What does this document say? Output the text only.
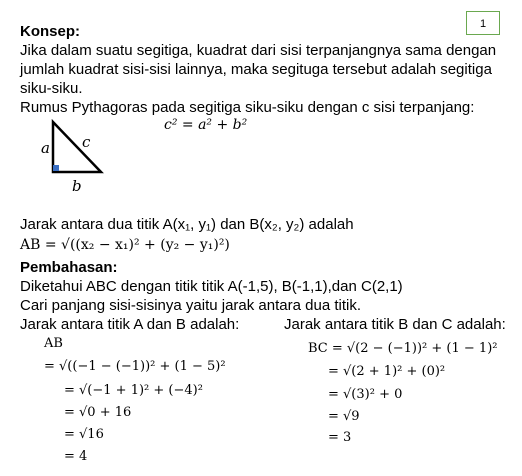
1
Konsep:
Jika dalam suatu segitiga, kuadrat dari sisi terpanjangnya sama dengan
jumlah kuadrat sisi-sisi lainnya, maka segituga tersebut adalah segitiga
siku-siku.
Rumus Pythagoras pada segitiga siku-siku dengan c sisi terpanjang:
c² = a² + b²
a c
b
Jarak antara dua titik A(x₁, y₁) dan B(x₂, y₂) adalah
AB = √((x₂ − x₁)² + (y₂ − y₁)²)
Pembahasan:
Diketahui ABC dengan titik titik A(-1,5), B(-1,1),dan C(2,1)
Cari panjang sisi-sisinya yaitu jarak antara dua titik.
Jarak antara titik A dan B adalah:
AB
= √((−1 − (−1))² + (1 − 5)²
= √(−1 + 1)² + (−4)²
= √0 + 16
= √16
= 4
Jarak antara titik B dan C adalah:
BC = √(2 − (−1))² + (1 − 1)²
= √(2 + 1)² + (0)²
= √(3)² + 0
= √9
= 3
